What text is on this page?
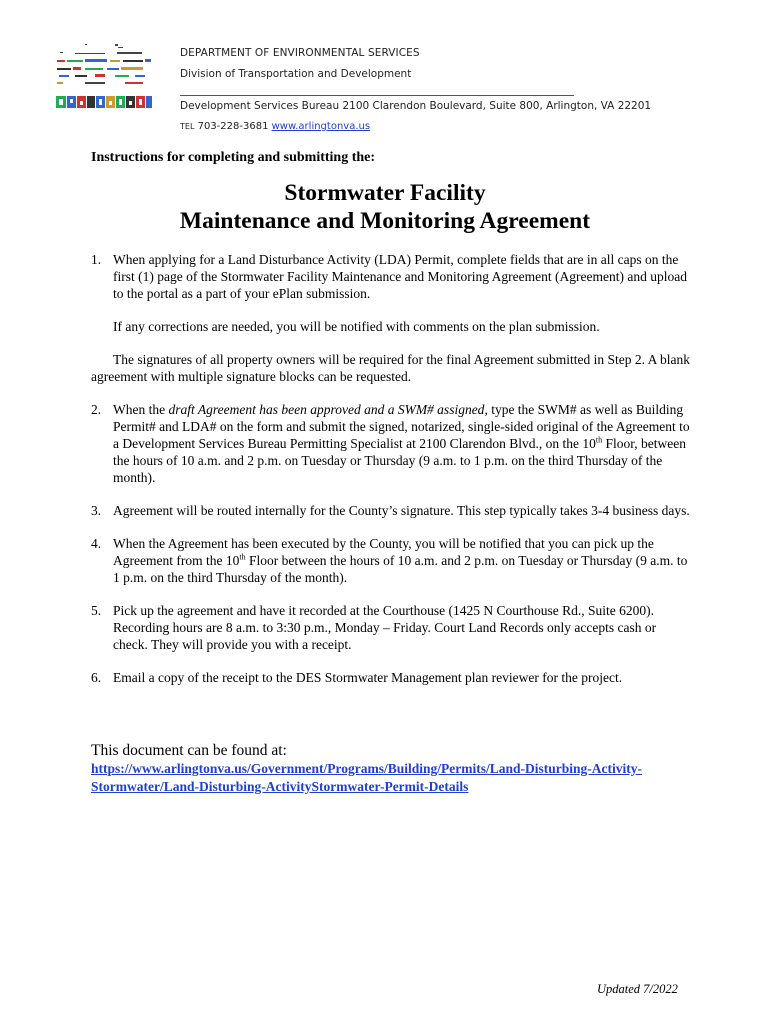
DEPARTMENT OF ENVIRONMENTAL SERVICES
Division of Transportation and Development
Development Services Bureau 2100 Clarendon Boulevard, Suite 800, Arlington, VA 22201
TEL 703-228-3681 www.arlingtonva.us
Instructions for completing and submitting the:
Stormwater Facility
Maintenance and Monitoring Agreement
1. When applying for a Land Disturbance Activity (LDA) Permit, complete fields that are in all caps on the first (1) page of the Stormwater Facility Maintenance and Monitoring Agreement (Agreement) and upload to the portal as a part of your ePlan submission.
If any corrections are needed, you will be notified with comments on the plan submission.
The signatures of all property owners will be required for the final Agreement submitted in Step 2. A blank agreement with multiple signature blocks can be requested.
2. When the draft Agreement has been approved and a SWM# assigned, type the SWM# as well as Building Permit# and LDA# on the form and submit the signed, notarized, single-sided original of the Agreement to a Development Services Bureau Permitting Specialist at 2100 Clarendon Blvd., on the 10th Floor, between the hours of 10 a.m. and 2 p.m. on Tuesday or Thursday (9 a.m. to 1 p.m. on the third Thursday of the month).
3. Agreement will be routed internally for the County’s signature. This step typically takes 3-4 business days.
4. When the Agreement has been executed by the County, you will be notified that you can pick up the Agreement from the 10th Floor between the hours of 10 a.m. and 2 p.m. on Tuesday or Thursday (9 a.m. to 1 p.m. on the third Thursday of the month).
5. Pick up the agreement and have it recorded at the Courthouse (1425 N Courthouse Rd., Suite 6200). Recording hours are 8 a.m. to 3:30 p.m., Monday – Friday. Court Land Records only accepts cash or check. They will provide you with a receipt.
6. Email a copy of the receipt to the DES Stormwater Management plan reviewer for the project.
This document can be found at:
https://www.arlingtonva.us/Government/Programs/Building/Permits/Land-Disturbing-Activity-Stormwater/Land-Disturbing-ActivityStormwater-Permit-Details
Updated 7/2022
